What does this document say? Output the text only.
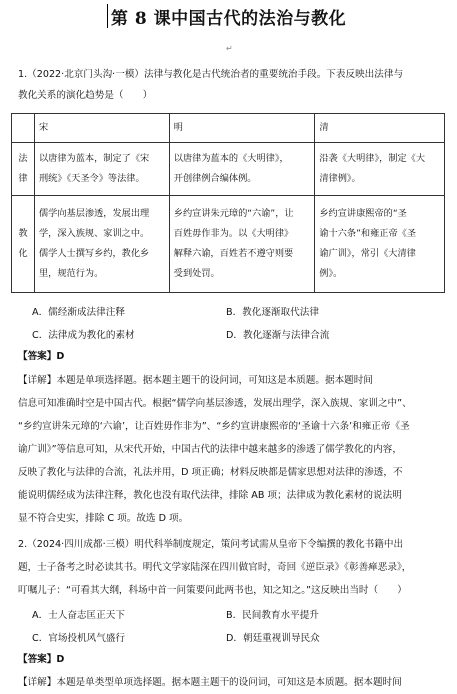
第 8 课中国古代的法治与教化
↵
1.（2022·北京门头沟·一模）法律与教化是古代统治者的重要统治手段。下表反映出法律与
教化关系的演化趋势是（　　）
	宋	明	清

法
律	以唐律为蓝本，制定了《宋
刑统》《天圣令》等法律。	以唐律为蓝本的《大明律》，
开创律例合编体例。	沿袭《大明律》，制定《大
清律例》。

教
化	儒学向基层渗透，发展出理
学，深入族规、家训之中。
儒学人士撰写乡约，教化乡
里，规范行为。	乡约宣讲朱元璋的“六谕”，让
百姓毋作非为。以《大明律》
解释六谕，百姓若不遵守则要
受到处罚。	乡约宣讲康熙帝的“圣
谕十六条”和雍正帝《圣
谕广训》，常引《大清律
例》。
A．儒经渐成法律注释	B．教化逐渐取代法律
C．法律成为教化的素材	D．教化逐渐与法律合流
【答案】D
【详解】本题是单项选择题。据本题主题干的设问词，可知这是本质题。据本题时间
信息可知准确时空是中国古代。根据“儒学向基层渗透，发展出理学，深入族规、家训之中”、
“乡约宣讲朱元璋的‘六谕’，让百姓毋作非为”、“乡约宣讲康熙帝的‘圣谕十六条’和雍正帝《圣
谕广训》”等信息可知，从宋代开始，中国古代的法律中越来越多的渗透了儒学教化的内容，
反映了教化与法律的合流，礼法并用，D 项正确；材料反映都是儒家思想对法律的渗透，不
能说明儒经成为法律注释，教化也没有取代法律，排除 AB 项；法律成为教化素材的说法明
显不符合史实，排除 C 项。故选 D 项。
2.（2024·四川成都·三模）明代科举制度规定，策问考试需从皇帝下令编撰的教化书籍中出
题，士子备考之时必读其书。明代文学家陆深在四川做官时，奇回《逆臣录》《彰善瘅恶录》，
叮嘱儿子：“可看其大纲，科场中首一问策要问此两书也，知之知之。”这反映出当时（　　）
A．士人奋志匡正天下	B．民间教育水平提升
C．官场投机风气盛行	D．朝廷重视训导民众
【答案】D
【详解】本题是单类型单项选择题。据本题主题干的设问词，可知这是本质题。据本题时间
